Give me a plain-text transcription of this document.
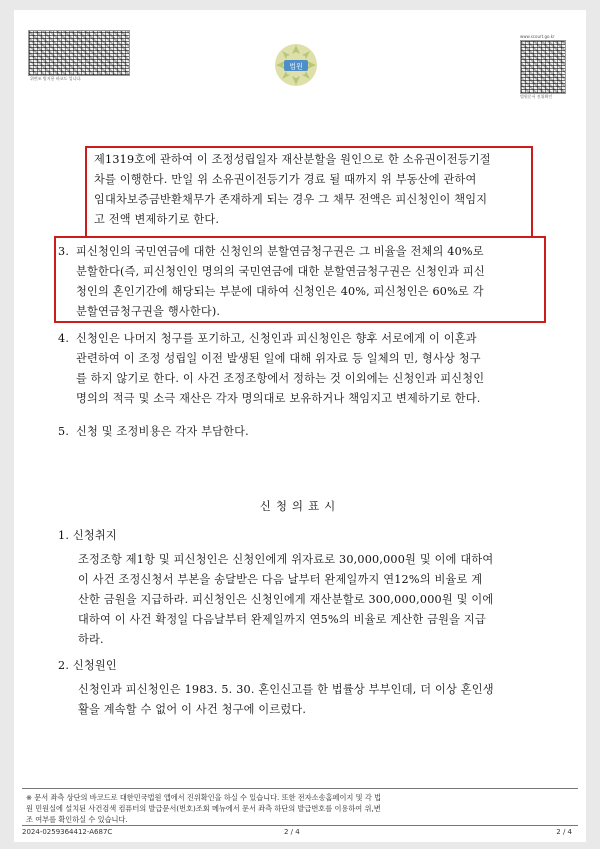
위변조 방지용 바코드 입니다.
www.scourt.go.kr
법원문서 진위확인
법원
제1319호에 관하여 이 조정성립일자 재산분할을 원인으로 한 소유권이전등기절
차를 이행한다. 만일 위 소유권이전등기가 경료 될 때까지 위 부동산에 관하여
임대차보증금반환채무가 존재하게 되는 경우 그 채무 전액은 피신청인이 책임지
고 전액 변제하기로 한다.
3. 피신청인의 국민연금에 대한 신청인의 분할연금청구권은 그 비율을 전체의 40%로
분할한다(즉, 피신청인인 명의의 국민연금에 대한 분할연금청구권은 신청인과 피신
청인의 혼인기간에 해당되는 부분에 대하여 신청인은 40%, 피신청인은 60%로 각
분할연금청구권을 행사한다).
4. 신청인은 나머지 청구를 포기하고, 신청인과 피신청인은 향후 서로에게 이 이혼과
관련하여 이 조정 성립일 이전 발생된 일에 대해 위자료 등 일체의 민, 형사상 청구
를 하지 않기로 한다. 이 사건 조정조항에서 정하는 것 이외에는 신청인과 피신청인
명의의 적극 및 소극 재산은 각자 명의대로 보유하거나 책임지고 변제하기로 한다.
5. 신청 및 조정비용은 각자 부담한다.
신청의표시
1. 신청취지
조정조항 제1항 및 피신청인은 신청인에게 위자료로 30,000,000원 및 이에 대하여
이 사건 조정신청서 부본을 송달받은 다음 날부터 완제일까지 연12%의 비율로 계
산한 금원을 지급하라. 피신청인은 신청인에게 재산분할로 300,000,000원 및 이에
대하여 이 사건 확정일 다음날부터 완제일까지 연5%의 비율로 계산한 금원을 지급
하라.
2. 신청원인
신청인과 피신청인은 1983. 5. 30. 혼인신고를 한 법률상 부부인데, 더 이상 혼인생
활을 계속할 수 없어 이 사건 청구에 이르렀다.
※ 문서 좌측 상단의 바코드로 대한민국법원 앱에서 진위확인을 하실 수 있습니다. 또한 전자소송홈페이지 및 각 법
원 민원실에 설치된 사건검색 컴퓨터의 발급문서(번호)조회 메뉴에서 문서 좌측 하단의 발급번호를 이용하여 위,변
조 여부를 확인하실 수 있습니다.
2024-0259364412-A687C	2 / 4	2 / 4
